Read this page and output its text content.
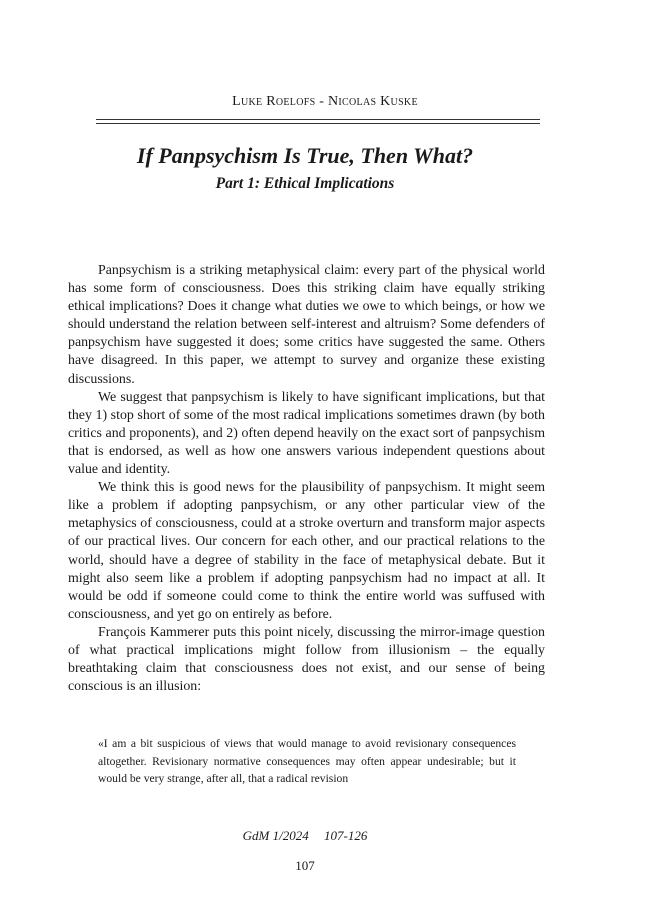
Luke Roelofs - Nicolas Kuske
If Panpsychism Is True, Then What?
Part 1: Ethical Implications

Panpsychism is a striking metaphysical claim: every part of the physical world has some form of consciousness. Does this striking claim have equally striking ethical implications? Does it change what duties we owe to which beings, or how we should understand the relation between self-interest and altruism? Some defenders of panpsychism have suggested it does; some critics have suggested the same. Others have disagreed. In this paper, we attempt to survey and organize these existing discussions.

We suggest that panpsychism is likely to have significant implications, but that they 1) stop short of some of the most radical implications sometimes drawn (by both critics and proponents), and 2) often depend heavily on the exact sort of panpsychism that is endorsed, as well as how one answers various independent questions about value and identity.

We think this is good news for the plausibility of panpsychism. It might seem like a problem if adopting panpsychism, or any other particular view of the metaphysics of consciousness, could at a stroke overturn and transform major aspects of our practical lives. Our concern for each other, and our practical relations to the world, should have a degree of stability in the face of metaphysical debate. But it might also seem like a problem if adopting panpsychism had no impact at all. It would be odd if someone could come to think the entire world was suffused with consciousness, and yet go on entirely as before.

François Kammerer puts this point nicely, discussing the mirror-image question of what practical implications might follow from illusionism – the equally breathtaking claim that consciousness does not exist, and our sense of being conscious is an illusion:

«I am a bit suspicious of views that would manage to avoid revisionary consequences altogether. Revisionary normative consequences may often appear undesirable; but it would be very strange, after all, that a radical revision

GdM 1/2024 107-126
107
